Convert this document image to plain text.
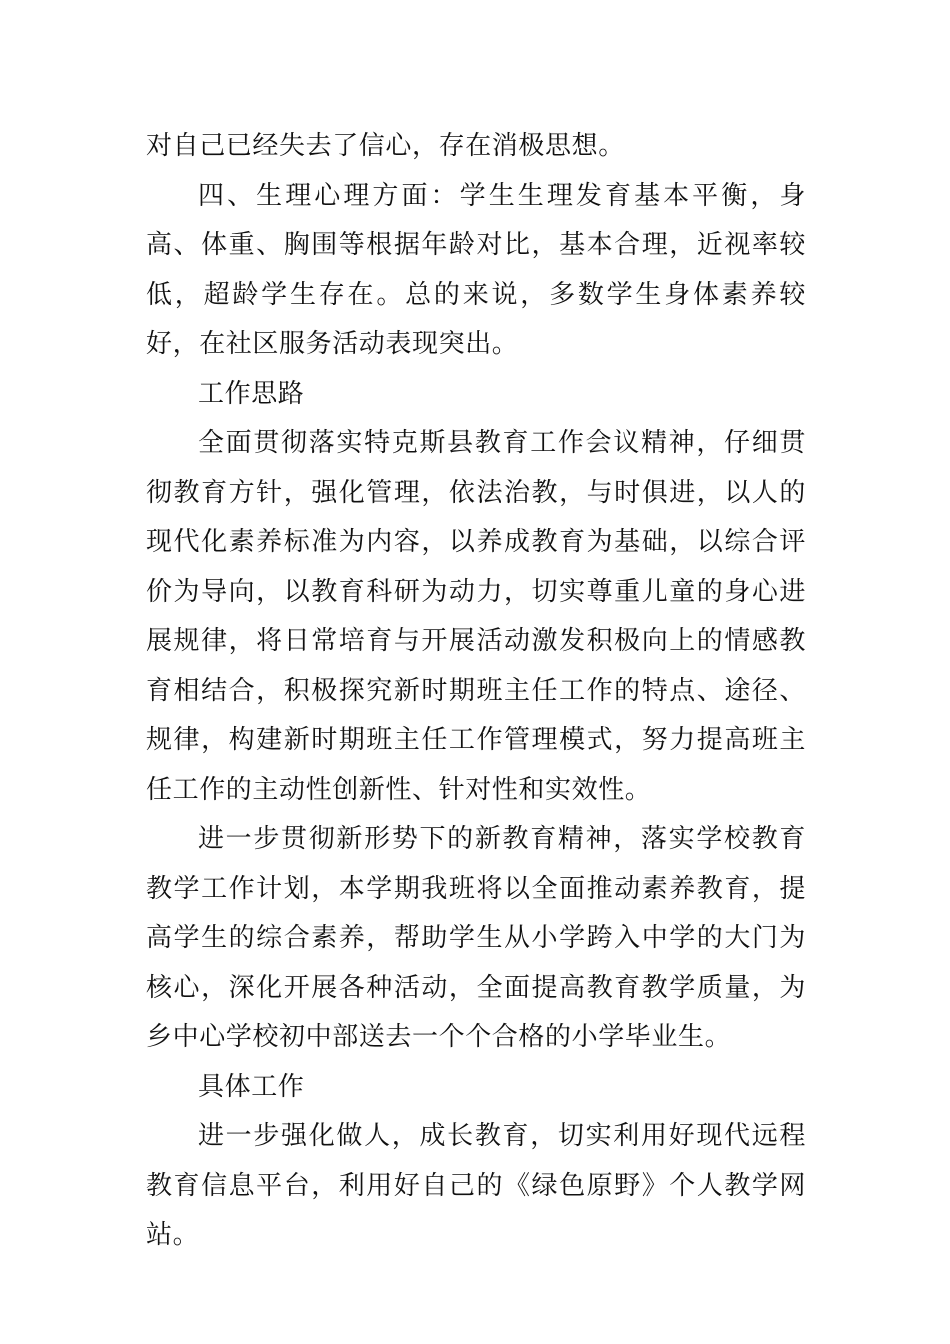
对自己已经失去了信心，存在消极思想。

四、生理心理方面：学生生理发育基本平衡，身高、体重、胸围等根据年龄对比，基本合理，近视率较低，超龄学生存在。总的来说，多数学生身体素养较好，在社区服务活动表现突出。

工作思路

全面贯彻落实特克斯县教育工作会议精神，仔细贯彻教育方针，强化管理，依法治教，与时俱进，以人的现代化素养标准为内容，以养成教育为基础，以综合评价为导向，以教育科研为动力，切实尊重儿童的身心进展规律，将日常培育与开展活动激发积极向上的情感教育相结合，积极探究新时期班主任工作的特点、途径、规律，构建新时期班主任工作管理模式，努力提高班主任工作的主动性创新性、针对性和实效性。

进一步贯彻新形势下的新教育精神，落实学校教育教学工作计划，本学期我班将以全面推动素养教育，提高学生的综合素养，帮助学生从小学跨入中学的大门为核心，深化开展各种活动，全面提高教育教学质量，为乡中心学校初中部送去一个个合格的小学毕业生。

具体工作

进一步强化做人，成长教育，切实利用好现代远程教育信息平台，利用好自己的《绿色原野》个人教学网站。
